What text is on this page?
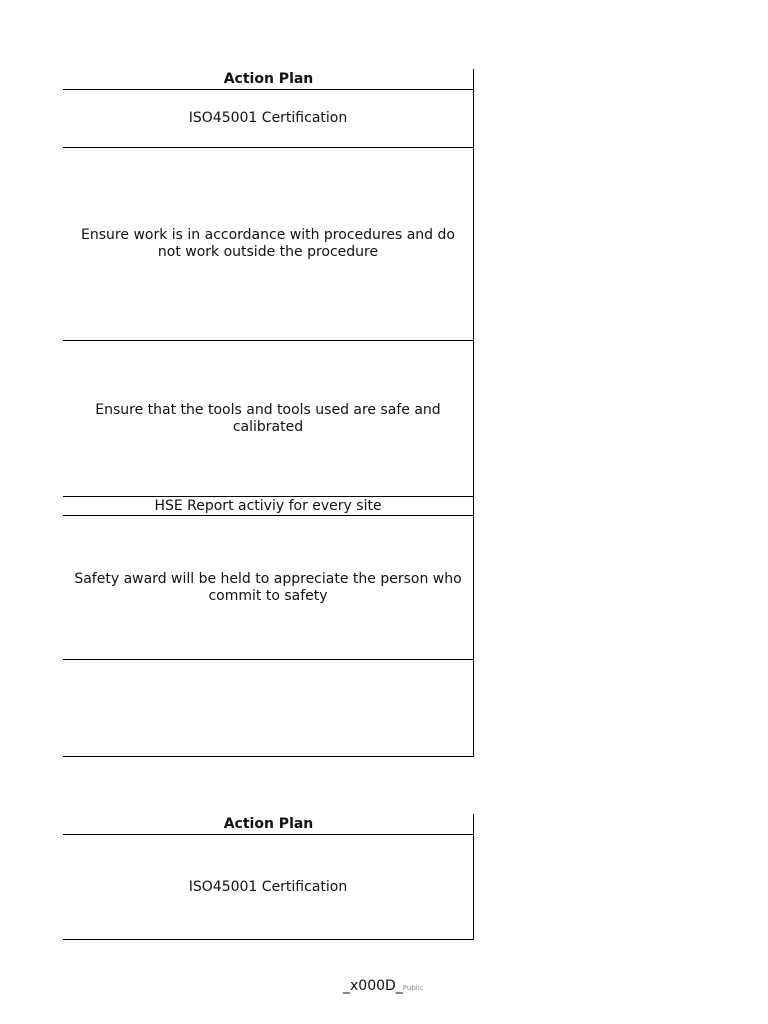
Action Plan
ISO45001 Certification
Ensure work is in accordance with procedures and do not work outside the procedure
Ensure that the tools and tools used are safe and calibrated
HSE Report activiy for every site
Safety award will be held to appreciate the person who commit to safety
Action Plan
ISO45001 Certification
_x000D_Public
